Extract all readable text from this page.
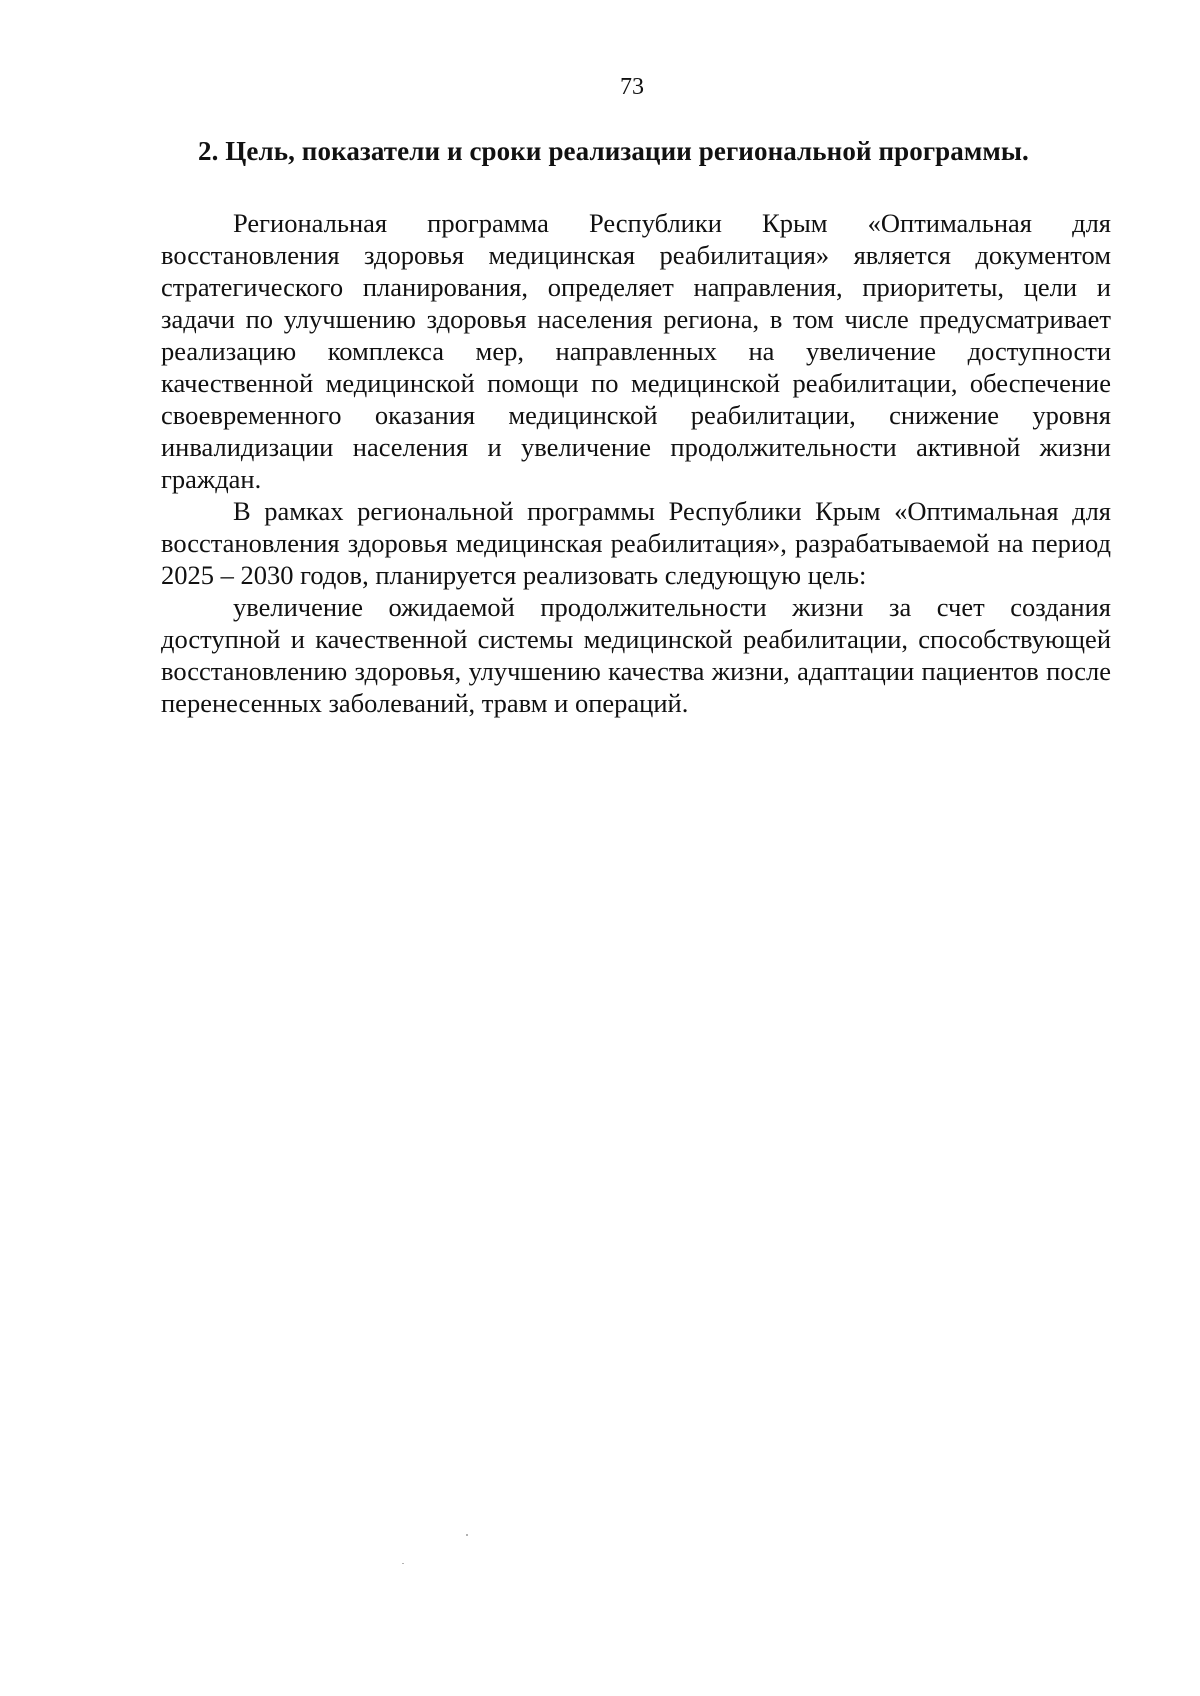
73
2. Цель, показатели и сроки реализации региональной программы.

Региональная программа Республики Крым «Оптимальная для восстановления здоровья медицинская реабилитация» является документом стратегического планирования, определяет направления, приоритеты, цели и задачи по улучшению здоровья населения региона, в том числе предусматривает реализацию комплекса мер, направленных на увеличение доступности качественной медицинской помощи по медицинской реабилитации, обеспечение своевременного оказания медицинской реабилитации, снижение уровня инвалидизации населения и увеличение продолжительности активной жизни граждан.

В рамках региональной программы Республики Крым «Оптимальная для восстановления здоровья медицинская реабилитация», разрабатываемой на период 2025 – 2030 годов, планируется реализовать следующую цель:

увеличение ожидаемой продолжительности жизни за счет создания доступной и качественной системы медицинской реабилитации, способствующей восстановлению здоровья, улучшению качества жизни, адаптации пациентов после перенесенных заболеваний, травм и операций.
